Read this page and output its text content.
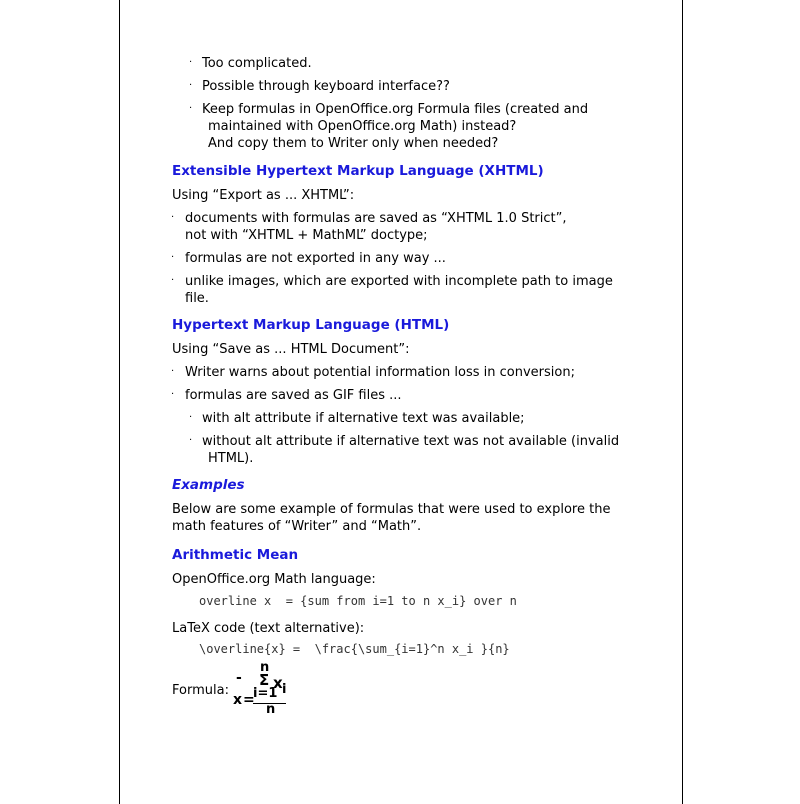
· Too complicated.
· Possible through keyboard interface??
· Keep formulas in OpenOffice.org Formula files (created and
maintained with OpenOffice.org Math) instead?
And copy them to Writer only when needed?
Extensible Hypertext Markup Language (XHTML)
Using “Export as ... XHTML”:
· documents with formulas are saved as “XHTML 1.0 Strict”,
not with “XHTML + MathML” doctype;
· formulas are not exported in any way ...
· unlike images, which are exported with incomplete path to image
file.
Hypertext Markup Language (HTML)
Using “Save as ... HTML Document”:
· Writer warns about potential information loss in conversion;
· formulas are saved as GIF files ...
· with alt attribute if alternative text was available;
· without alt attribute if alternative text was not available (invalid
HTML).
Examples
Below are some example of formulas that were used to explore the
math features of “Writer” and “Math”.
Arithmetic Mean
OpenOffice.org Math language:
overline x  = {sum from i=1 to n x_i} over n
LaTeX code (text alternative):
\overline{x} =  \frac{\sum_{i=1}^n x_i }{n}
Formula:
-
x =
n
Σ x i
i=1
n
